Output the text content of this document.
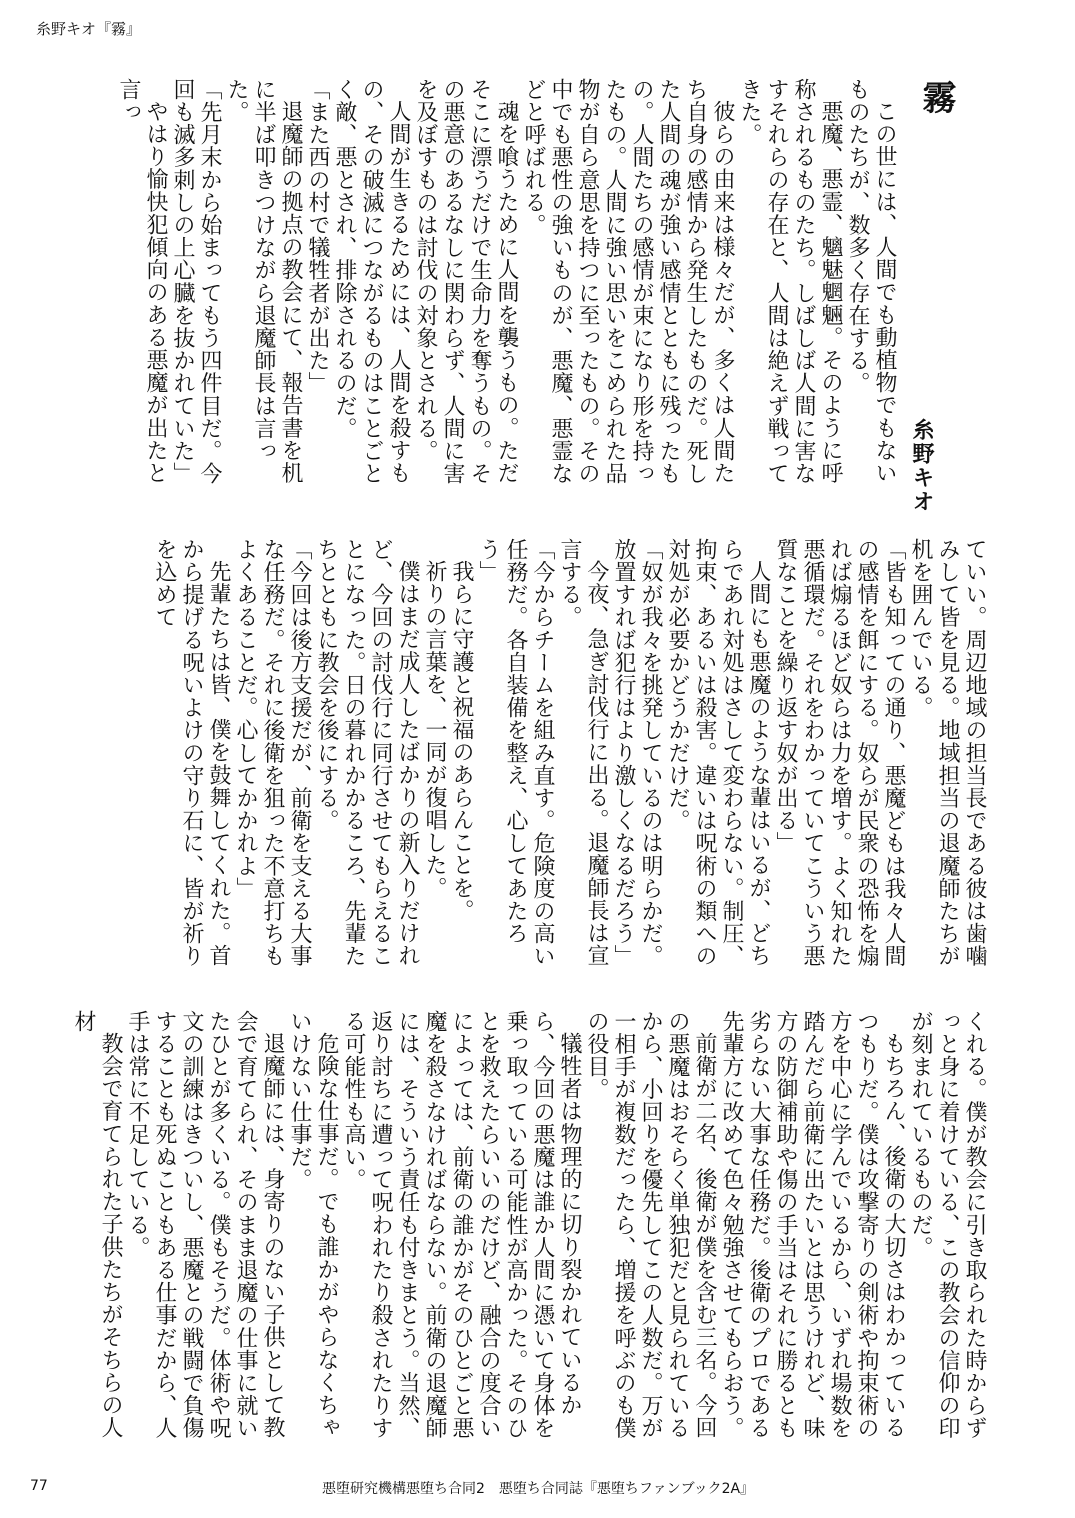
糸野キオ『霧』
霧
糸野キオ

この世には、人間でも動植物でもないものたちが、数多く存在する。

悪魔、悪霊、魑魅魍魎。そのように呼称されるものたち。しばしば人間に害なすそれらの存在と、人間は絶えず戦ってきた。

彼らの由来は様々だが、多くは人間たち自身の感情から発生したものだ。死した人間の魂が強い感情とともに残ったもの。人間たちの感情が束になり形を持ったもの。人間に強い思いをこめられた品物が自ら意思を持つに至ったもの。その中でも悪性の強いものが、悪魔、悪霊などと呼ばれる。

魂を喰うために人間を襲うもの。ただそこに漂うだけで生命力を奪うもの。その悪意のあるなしに関わらず、人間に害を及ぼすものは討伐の対象とされる。

人間が生きるためには、人間を殺すもの、その破滅につながるものはことごとく敵、悪とされ、排除されるのだ。

「また西の村で犠牲者が出た」

退魔師の拠点の教会にて、報告書を机に半ば叩きつけながら退魔師長は言った。

「先月末から始まってもう四件目だ。今回も滅多刺しの上心臓を抜かれていた」

やはり愉快犯傾向のある悪魔が出たと言っ

ていい。周辺地域の担当長である彼は歯噛みして皆を見る。地域担当の退魔師たちが机を囲んでいる。

「皆も知っての通り、悪魔どもは我々人間の感情を餌にする。奴らが民衆の恐怖を煽れば煽るほど奴らは力を増す。よく知れた悪循環だ。それをわかっていてこういう悪質なことを繰り返す奴が出る」

人間にも悪魔のような輩はいるが、どちらであれ対処はさして変わらない。制圧、拘束、あるいは殺害。違いは呪術の類への対処が必要かどうかだけだ。

「奴が我々を挑発しているのは明らかだ。放置すれば犯行はより激しくなるだろう」

今夜、急ぎ討伐行に出る。退魔師長は宣言する。

「今からチームを組み直す。危険度の高い任務だ。各自装備を整え、心してあたろう」

我らに守護と祝福のあらんことを。

祈りの言葉を、一同が復唱した。

僕はまだ成人したばかりの新入りだけれど、今回の討伐行に同行させてもらえることになった。日の暮れかかるころ、先輩たちとともに教会を後にする。

「今回は後方支援だが、前衛を支える大事な任務だ。それに後衛を狙った不意打ちもよくあることだ。心してかかれよ」

先輩たちは皆、僕を鼓舞してくれた。首から提げる呪いよけの守り石に、皆が祈りを込めて

くれる。僕が教会に引き取られた時からずっと身に着けている、この教会の信仰の印が刻まれているものだ。

もちろん、後衛の大切さはわかっているつもりだ。僕は攻撃寄りの剣術や拘束術の方を中心に学んでいるから、いずれ場数を踏んだら前衛に出たいとは思うけれど、味方の防御補助や傷の手当はそれに勝るとも劣らない大事な任務だ。後衛のプロである先輩方に改めて色々勉強させてもらおう。

前衛が二名、後衛が僕を含む三名。今回の悪魔はおそらく単独犯だと見られているから、小回りを優先してこの人数だ。万が一相手が複数だったら、増援を呼ぶのも僕の役目。

犠牲者は物理的に切り裂かれているから、今回の悪魔は誰か人間に憑いて身体を乗っ取っている可能性が高かった。そのひとを救えたらいいのだけど、融合の度合いによっては、前衛の誰かがそのひとごと悪魔を殺さなければならない。前衛の退魔師には、そういう責任も付きまとう。当然、返り討ちに遭って呪われたり殺されたりする可能性も高い。

危険な仕事だ。でも誰かがやらなくちゃいけない仕事だ。

退魔師には、身寄りのない子供として教会で育てられ、そのまま退魔の仕事に就いたひとが多くいる。僕もそうだ。体術や呪文の訓練はきついし、悪魔との戦闘で負傷することも死ぬこともある仕事だから、人手は常に不足している。

教会で育てられた子供たちがそちらの人材

77	悪堕研究機構悪堕ち合同2　悪堕ち合同誌『悪堕ちファンブック2A』
